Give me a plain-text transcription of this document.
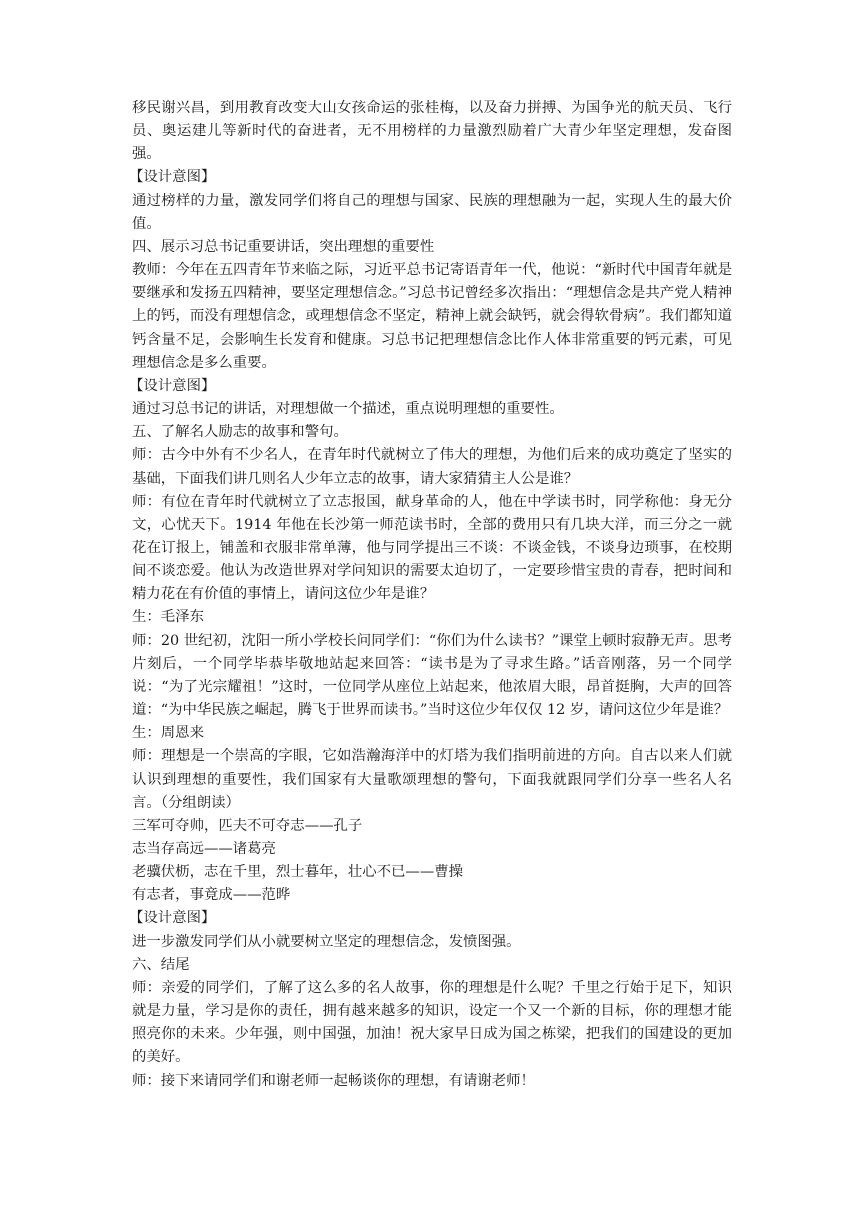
移民谢兴昌，到用教育改变大山女孩命运的张桂梅，以及奋力拼搏、为国争光的航天员、飞行员、奥运建儿等新时代的奋进者，无不用榜样的力量激烈励着广大青少年坚定理想，发奋图强。

【设计意图】

通过榜样的力量，激发同学们将自己的理想与国家、民族的理想融为一起，实现人生的最大价值。

四、展示习总书记重要讲话，突出理想的重要性

教师：今年在五四青年节来临之际，习近平总书记寄语青年一代，他说：“新时代中国青年就是要继承和发扬五四精神，要坚定理想信念。”习总书记曾经多次指出：“理想信念是共产党人精神上的钙，而没有理想信念，或理想信念不坚定，精神上就会缺钙，就会得软骨病”。我们都知道钙含量不足，会影响生长发育和健康。习总书记把理想信念比作人体非常重要的钙元素，可见理想信念是多么重要。

【设计意图】

通过习总书记的讲话，对理想做一个描述，重点说明理想的重要性。

五、了解名人励志的故事和警句。

师：古今中外有不少名人，在青年时代就树立了伟大的理想，为他们后来的成功奠定了坚实的基础，下面我们讲几则名人少年立志的故事，请大家猜猜主人公是谁？

师：有位在青年时代就树立了立志报国，献身革命的人，他在中学读书时，同学称他：身无分文，心忧天下。1914 年他在长沙第一师范读书时，全部的费用只有几块大洋，而三分之一就花在订报上，铺盖和衣服非常单薄，他与同学提出三不谈：不谈金钱，不谈身边琐事，在校期间不谈恋爱。他认为改造世界对学问知识的需要太迫切了，一定要珍惜宝贵的青春，把时间和精力花在有价值的事情上，请问这位少年是谁？

生：毛泽东

师：20 世纪初，沈阳一所小学校长问同学们：“你们为什么读书？”课堂上顿时寂静无声。思考片刻后，一个同学毕恭毕敬地站起来回答：“读书是为了寻求生路。”话音刚落，另一个同学说：“为了光宗耀祖！”这时，一位同学从座位上站起来，他浓眉大眼，昂首挺胸，大声的回答道：“为中华民族之崛起，腾飞于世界而读书。”当时这位少年仅仅 12 岁，请问这位少年是谁？

生：周恩来

师：理想是一个崇高的字眼，它如浩瀚海洋中的灯塔为我们指明前进的方向。自古以来人们就认识到理想的重要性，我们国家有大量歌颂理想的警句，下面我就跟同学们分享一些名人名言。（分组朗读）

三军可夺帅，匹夫不可夺志——孔子

志当存高远——诸葛亮

老骥伏枥，志在千里，烈士暮年，壮心不已——曹操

有志者，事竟成——范晔

【设计意图】

进一步激发同学们从小就要树立坚定的理想信念，发愤图强。

六、结尾

师：亲爱的同学们，了解了这么多的名人故事，你的理想是什么呢？千里之行始于足下，知识就是力量，学习是你的责任，拥有越来越多的知识，设定一个又一个新的目标，你的理想才能照亮你的未来。少年强，则中国强，加油！祝大家早日成为国之栋梁，把我们的国建设的更加的美好。

师：接下来请同学们和谢老师一起畅谈你的理想，有请谢老师！
